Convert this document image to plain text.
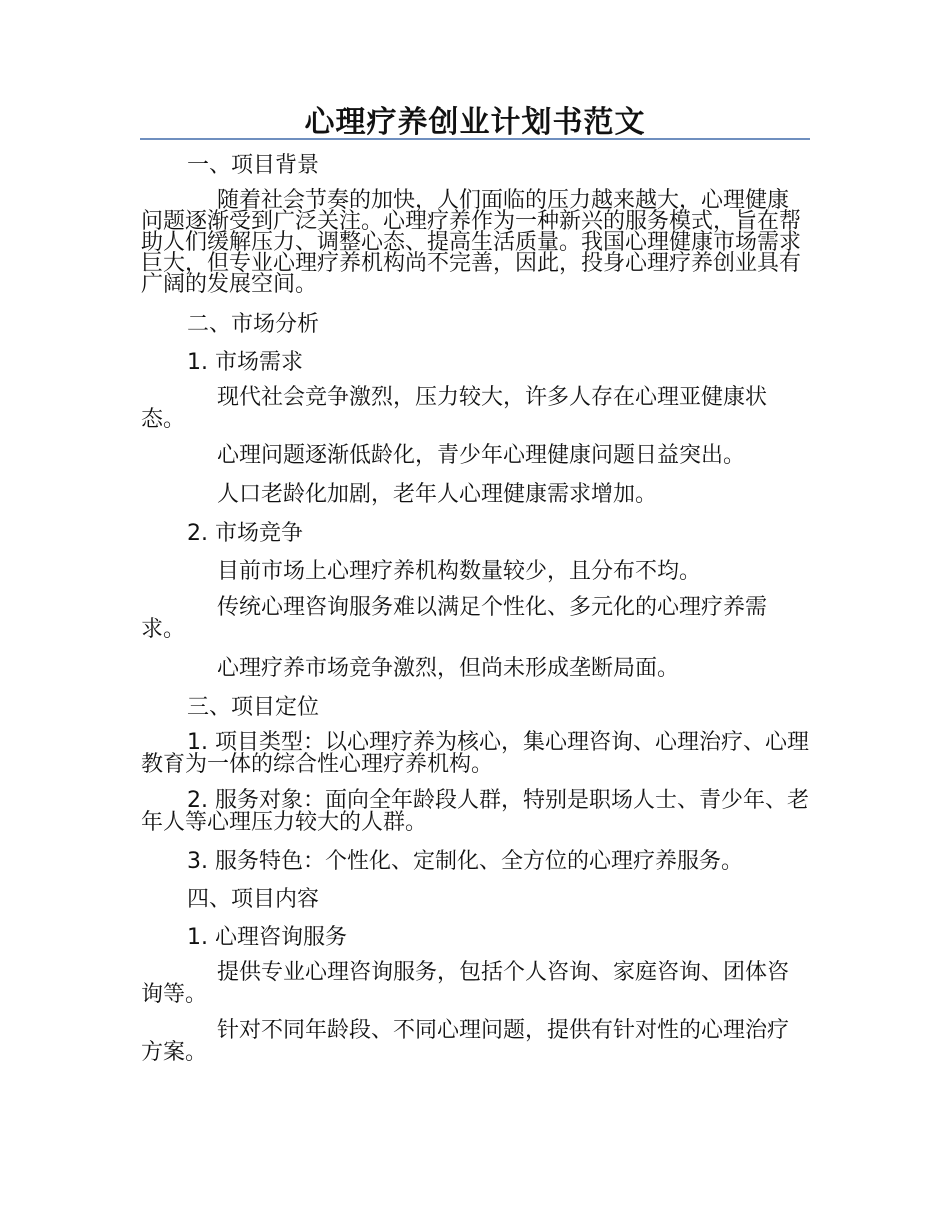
心理疗养创业计划书范文

一、项目背景

随着社会节奏的加快，人们面临的压力越来越大，心理健康问题逐渐受到广泛关注。心理疗养作为一种新兴的服务模式，旨在帮助人们缓解压力、调整心态、提高生活质量。我国心理健康市场需求巨大，但专业心理疗养机构尚不完善，因此，投身心理疗养创业具有广阔的发展空间。

二、市场分析

1. 市场需求

现代社会竞争激烈，压力较大，许多人存在心理亚健康状态。

心理问题逐渐低龄化，青少年心理健康问题日益突出。

人口老龄化加剧，老年人心理健康需求增加。

2. 市场竞争

目前市场上心理疗养机构数量较少，且分布不均。

传统心理咨询服务难以满足个性化、多元化的心理疗养需求。

心理疗养市场竞争激烈，但尚未形成垄断局面。

三、项目定位

1. 项目类型：以心理疗养为核心，集心理咨询、心理治疗、心理教育为一体的综合性心理疗养机构。

2. 服务对象：面向全年龄段人群，特别是职场人士、青少年、老年人等心理压力较大的人群。

3. 服务特色：个性化、定制化、全方位的心理疗养服务。

四、项目内容

1. 心理咨询服务

提供专业心理咨询服务，包括个人咨询、家庭咨询、团体咨询等。

针对不同年龄段、不同心理问题，提供有针对性的心理治疗方案。
